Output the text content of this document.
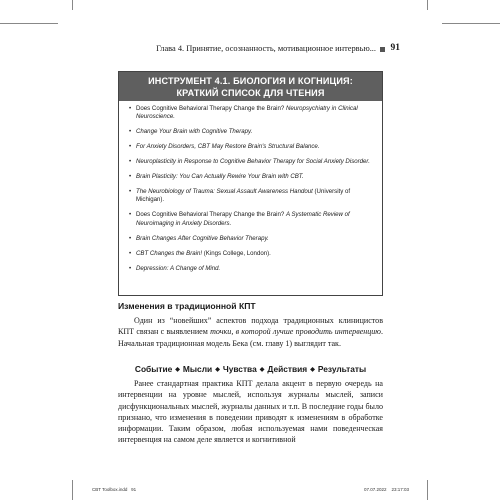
Глава 4. Принятие, осознанность, мотивационное интервью... 91
ИНСТРУМЕНТ 4.1. БИОЛОГИЯ И КОГНИЦИЯ:
КРАТКИЙ СПИСОК ДЛЯ ЧТЕНИЯ
• Does Cognitive Behavioral Therapy Change the Brain? Neuropsychiatry in Clinical Neuroscience.
• Change Your Brain with Cognitive Therapy.
• For Anxiety Disorders, CBT May Restore Brain's Structural Balance.
• Neuroplasticity in Response to Cognitive Behavior Therapy for Social Anxiety Disorder.
• Brain Plasticity: You Can Actually Rewire Your Brain with CBT.
• The Neurobiology of Trauma: Sexual Assault Awareness Handout (University of Michigan).
• Does Cognitive Behavioral Therapy Change the Brain? A Systematic Review of Neuroimaging in Anxiety Disorders.
• Brain Changes After Cognitive Behavior Therapy.
• CBT Changes the Brain! (Kings College, London).
• Depression: A Change of Mind.
Изменения в традиционной КПТ
Один из “новейших” аспектов подхода традиционных клиницистов КПТ связан с выявлением точки, в которой лучше проводить интервенцию. Начальная традиционная модель Бека (см. главу 1) выглядит так.
Событие ◆ Мысли ◆ Чувства ◆ Действия ◆ Результаты
Ранее стандартная практика КПТ делала акцент в первую очередь на интервенции на уровне мыслей, используя журналы мыслей, записи дисфункциональных мыслей, журналы данных и т.п. В последние годы было признано, что изменения в поведении приводят к изменениям в обработке информации. Таким образом, любая используемая нами поведенческая интервенция на самом деле является и когнитивной
CBT Toolbox.indd 91	07.07.2022 23:17:03
